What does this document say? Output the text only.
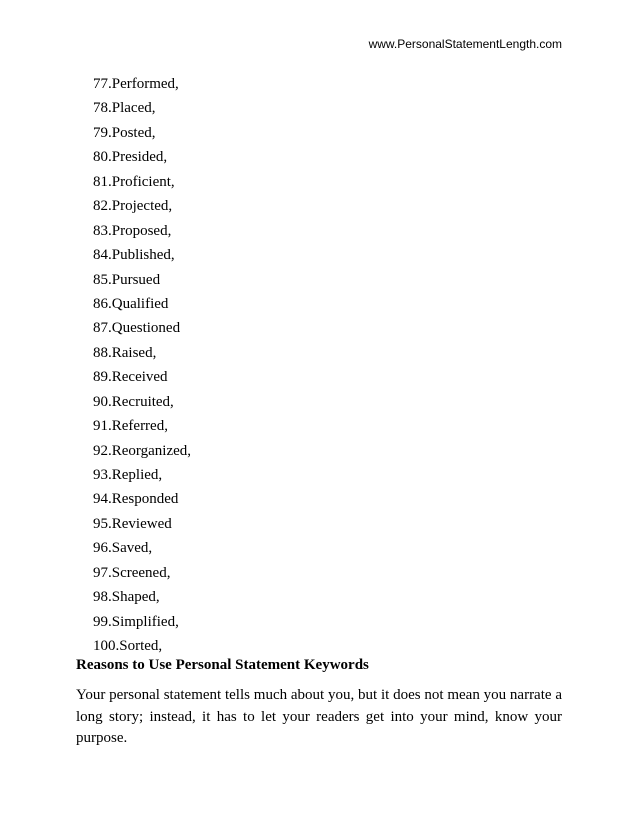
www.PersonalStatementLength.com
77.Performed,
78.Placed,
79.Posted,
80.Presided,
81.Proficient,
82.Projected,
83.Proposed,
84.Published,
85.Pursued
86.Qualified
87.Questioned
88.Raised,
89.Received
90.Recruited,
91.Referred,
92.Reorganized,
93.Replied,
94.Responded
95.Reviewed
96.Saved,
97.Screened,
98.Shaped,
99.Simplified,
100.Sorted,
Reasons to Use Personal Statement Keywords

Your personal statement tells much about you, but it does not mean you narrate a long story; instead, it has to let your readers get into your mind, know your purpose.
